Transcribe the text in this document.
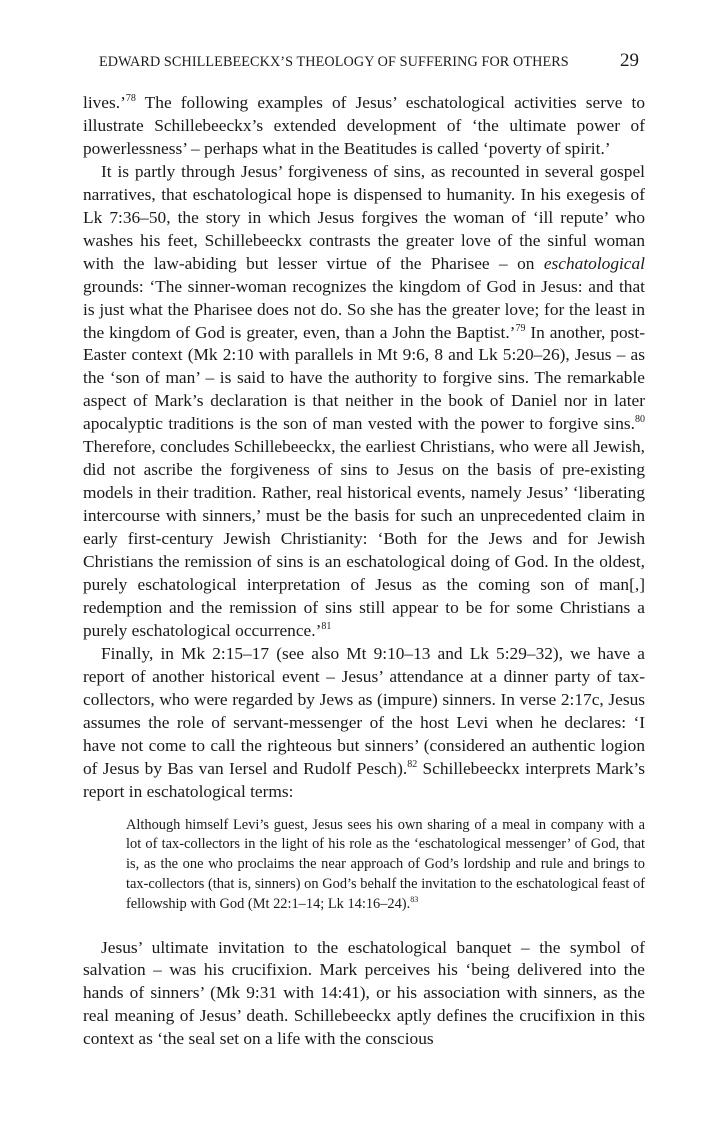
EDWARD SCHILLEBEECKX’S THEOLOGY OF SUFFERING FOR OTHERS	29

lives.’$^{78}$ The following examples of Jesus’ eschatological activities serve to illustrate Schillebeeckx’s extended development of ‘the ultimate power of powerlessness’ – perhaps what in the Beatitudes is called ‘poverty of spirit.’

It is partly through Jesus’ forgiveness of sins, as recounted in several gospel narratives, that eschatological hope is dispensed to humanity. In his exegesis of Lk 7:36–50, the story in which Jesus forgives the woman of ‘ill repute’ who washes his feet, Schillebeeckx contrasts the greater love of the sinful woman with the law-abiding but lesser virtue of the Pharisee – on eschatological grounds: ‘The sinner-woman recognizes the kingdom of God in Jesus: and that is just what the Pharisee does not do. So she has the greater love; for the least in the kingdom of God is greater, even, than a John the Baptist.’$^{79}$ In another, post-Easter context (Mk 2:10 with parallels in Mt 9:6, 8 and Lk 5:20–26), Jesus – as the ‘son of man’ – is said to have the authority to forgive sins. The remarkable aspect of Mark’s declaration is that neither in the book of Daniel nor in later apocalyptic traditions is the son of man vested with the power to forgive sins.$^{80}$ Therefore, concludes Schillebeeckx, the earliest Christians, who were all Jewish, did not ascribe the forgiveness of sins to Jesus on the basis of pre-existing models in their tradition. Rather, real historical events, namely Jesus’ ‘liberating intercourse with sinners,’ must be the basis for such an unprecedented claim in early first-century Jewish Christianity: ‘Both for the Jews and for Jewish Christians the remission of sins is an eschatological doing of God. In the oldest, purely eschatological interpretation of Jesus as the coming son of man[,] redemption and the remission of sins still appear to be for some Christians a purely eschatological occurrence.’$^{81}$

Finally, in Mk 2:15–17 (see also Mt 9:10–13 and Lk 5:29–32), we have a report of another historical event – Jesus’ attendance at a dinner party of tax-collectors, who were regarded by Jews as (impure) sinners. In verse 2:17c, Jesus assumes the role of servant-messenger of the host Levi when he declares: ‘I have not come to call the righteous but sinners’ (considered an authentic logion of Jesus by Bas van Iersel and Rudolf Pesch).$^{82}$ Schillebeeckx interprets Mark’s report in eschatological terms:

Although himself Levi’s guest, Jesus sees his own sharing of a meal in company with a lot of tax-collectors in the light of his role as the ‘eschatological messenger’ of God, that is, as the one who proclaims the near approach of God’s lordship and rule and brings to tax-collectors (that is, sinners) on God’s behalf the invitation to the eschatological feast of fellowship with God (Mt 22:1–14; Lk 14:16–24).$^{83}$

Jesus’ ultimate invitation to the eschatological banquet – the symbol of salvation – was his crucifixion. Mark perceives his ‘being delivered into the hands of sinners’ (Mk 9:31 with 14:41), or his association with sinners, as the real meaning of Jesus’ death. Schillebeeckx aptly defines the crucifixion in this context as ‘the seal set on a life with the conscious
